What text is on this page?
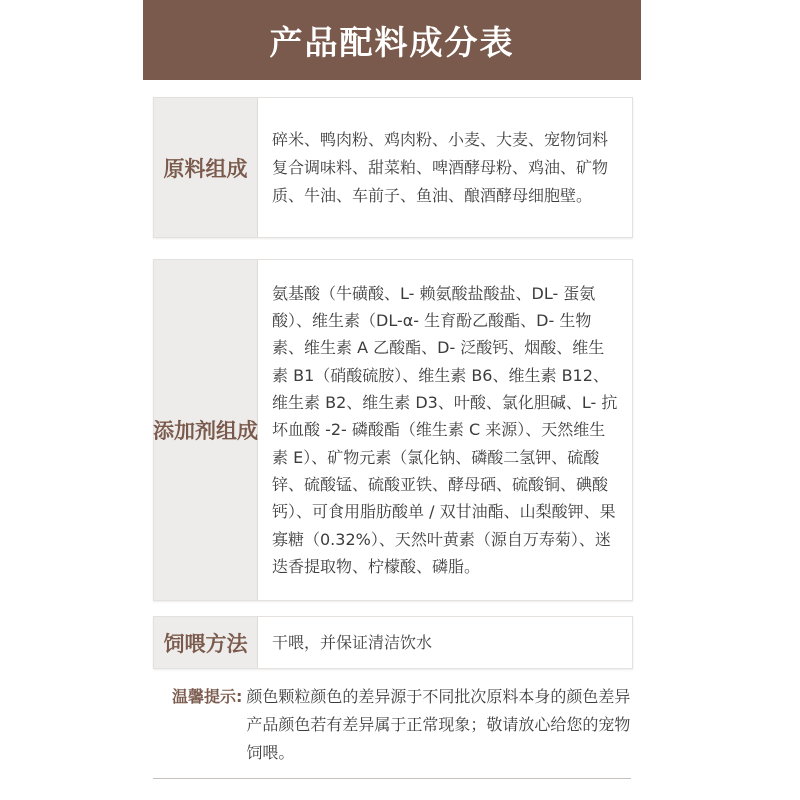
产品配料成分表
原料组成
碎米、鸭肉粉、鸡肉粉、小麦、大麦、宠物饲料复合调味料、甜菜粕、啤酒酵母粉、鸡油、矿物质、牛油、车前子、鱼油、酿酒酵母细胞壁。
添加剂组成
氨基酸（牛磺酸、L- 赖氨酸盐酸盐、DL- 蛋氨酸）、维生素（DL-α- 生育酚乙酸酯、D- 生物素、维生素 A 乙酸酯、D- 泛酸钙、烟酸、维生素 B1（硝酸硫胺）、维生素 B6、维生素 B12、维生素 B2、维生素 D3、叶酸、氯化胆碱、L- 抗坏血酸 -2- 磷酸酯（维生素 C 来源）、天然维生素 E）、矿物元素（氯化钠、磷酸二氢钾、硫酸锌、硫酸锰、硫酸亚铁、酵母硒、硫酸铜、碘酸钙）、可食用脂肪酸单 / 双甘油酯、山梨酸钾、果寡糖（0.32%）、天然叶黄素（源自万寿菊）、迷迭香提取物、柠檬酸、磷脂。
饲喂方法	干喂，并保证清洁饮水
温馨提示: 颜色颗粒颜色的差异源于不同批次原料本身的颜色差异产品颜色若有差异属于正常现象；敬请放心给您的宠物饲喂。
